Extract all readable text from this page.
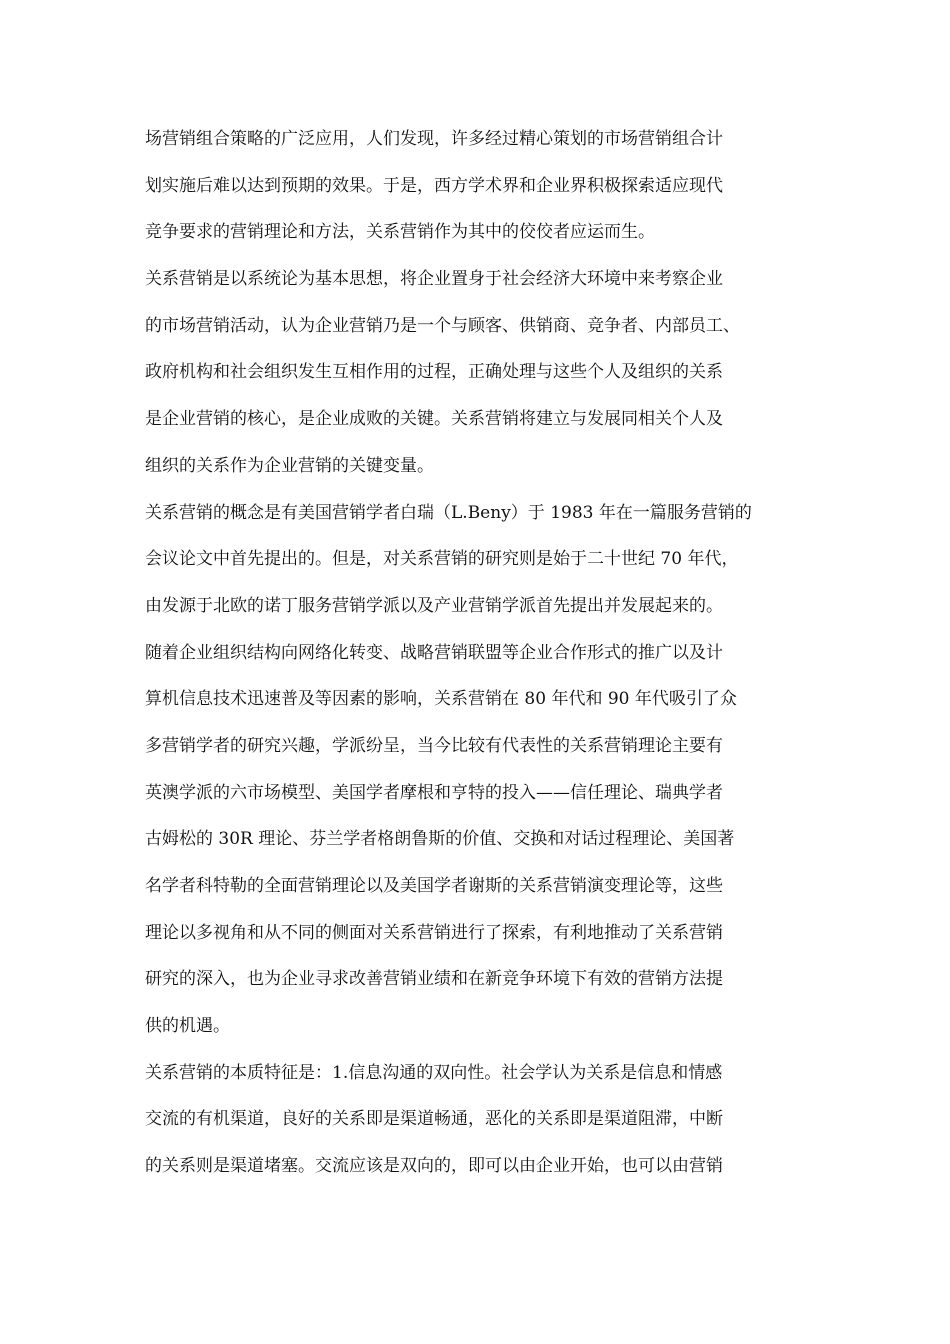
场营销组合策略的广泛应用，人们发现，许多经过精心策划的市场营销组合计
划实施后难以达到预期的效果。于是，西方学术界和企业界积极探索适应现代
竞争要求的营销理论和方法，关系营销作为其中的佼佼者应运而生。
关系营销是以系统论为基本思想，将企业置身于社会经济大环境中来考察企业
的市场营销活动，认为企业营销乃是一个与顾客、供销商、竞争者、内部员工、
政府机构和社会组织发生互相作用的过程，正确处理与这些个人及组织的关系
是企业营销的核心，是企业成败的关键。关系营销将建立与发展同相关个人及
组织的关系作为企业营销的关键变量。
关系营销的概念是有美国营销学者白瑞（L.Beny）于 1983 年在一篇服务营销的
会议论文中首先提出的。但是，对关系营销的研究则是始于二十世纪 70 年代，
由发源于北欧的诺丁服务营销学派以及产业营销学派首先提出并发展起来的。
随着企业组织结构向网络化转变、战略营销联盟等企业合作形式的推广以及计
算机信息技术迅速普及等因素的影响，关系营销在 80 年代和 90 年代吸引了众
多营销学者的研究兴趣，学派纷呈，当今比较有代表性的关系营销理论主要有
英澳学派的六市场模型、美国学者摩根和亨特的投入——信任理论、瑞典学者
古姆松的 30R 理论、芬兰学者格朗鲁斯的价值、交换和对话过程理论、美国著
名学者科特勒的全面营销理论以及美国学者谢斯的关系营销演变理论等，这些
理论以多视角和从不同的侧面对关系营销进行了探索，有利地推动了关系营销
研究的深入，也为企业寻求改善营销业绩和在新竞争环境下有效的营销方法提
供的机遇。
关系营销的本质特征是：1.信息沟通的双向性。社会学认为关系是信息和情感
交流的有机渠道，良好的关系即是渠道畅通，恶化的关系即是渠道阻滞，中断
的关系则是渠道堵塞。交流应该是双向的，即可以由企业开始，也可以由营销
